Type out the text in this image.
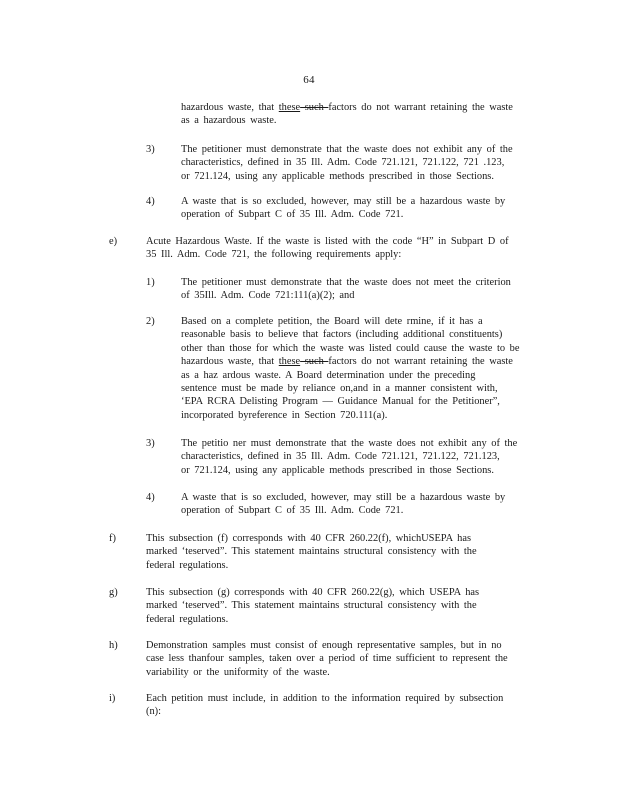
64
hazardous waste, that these such factors do not warrant retaining the waste
as a hazardous waste.
3)	The petitioner must demonstrate that the waste does not exhibit any of the
characteristics, defined in 35 Ill. Adm. Code 721.121, 721.122, 721 .123,
or 721.124, using any applicable methods prescribed in those Sections.
4)	A waste that is so excluded, however, may still be a hazardous waste by
operation of Subpart C of 35 Ill. Adm. Code 721.
e)	Acute Hazardous Waste. If the waste is listed with the code “H” in Subpart D of
35 Ill. Adm. Code 721, the following requirements apply:
1)	The petitioner must demonstrate that the waste does not meet the criterion
of 35Ill. Adm. Code 721:111(a)(2); and
2)	Based on a complete petition, the Board will dete rmine, if it has a
reasonable basis to believe that factors (including additional constituents)
other than those for which the waste was listed could cause the waste to be
hazardous waste, that these such factors do not warrant retaining the waste
as a haz ardous waste. A Board determination under the preceding
sentence must be made by reliance on,and in a manner consistent with,
‘EPA RCRA Delisting Program — Guidance Manual for the Petitioner”,
incorporated byreference in Section 720.111(a).
3)	The petitio ner must demonstrate that the waste does not exhibit any of the
characteristics, defined in 35 Ill. Adm. Code 721.121, 721.122, 721.123,
or 721.124, using any applicable methods prescribed in those Sections.
4)	A waste that is so excluded, however, may still be a hazardous waste by
operation of Subpart C of 35 Ill. Adm. Code 721.
f)	This subsection (f) corresponds with 40 CFR 260.22(f), whichUSEPA has
marked ‘teserved”. This statement maintains structural consistency with the
federal regulations.
g)	This subsection (g) corresponds with 40 CFR 260.22(g), which USEPA has
marked ‘teserved”. This statement maintains structural consistency with the
federal regulations.
h)	Demonstration samples must consist of enough representative samples, but in no
case less thanfour samples, taken over a period of time sufficient to represent the
variability or the uniformity of the waste.
i)	Each petition must include, in addition to the information required by subsection
(n):
